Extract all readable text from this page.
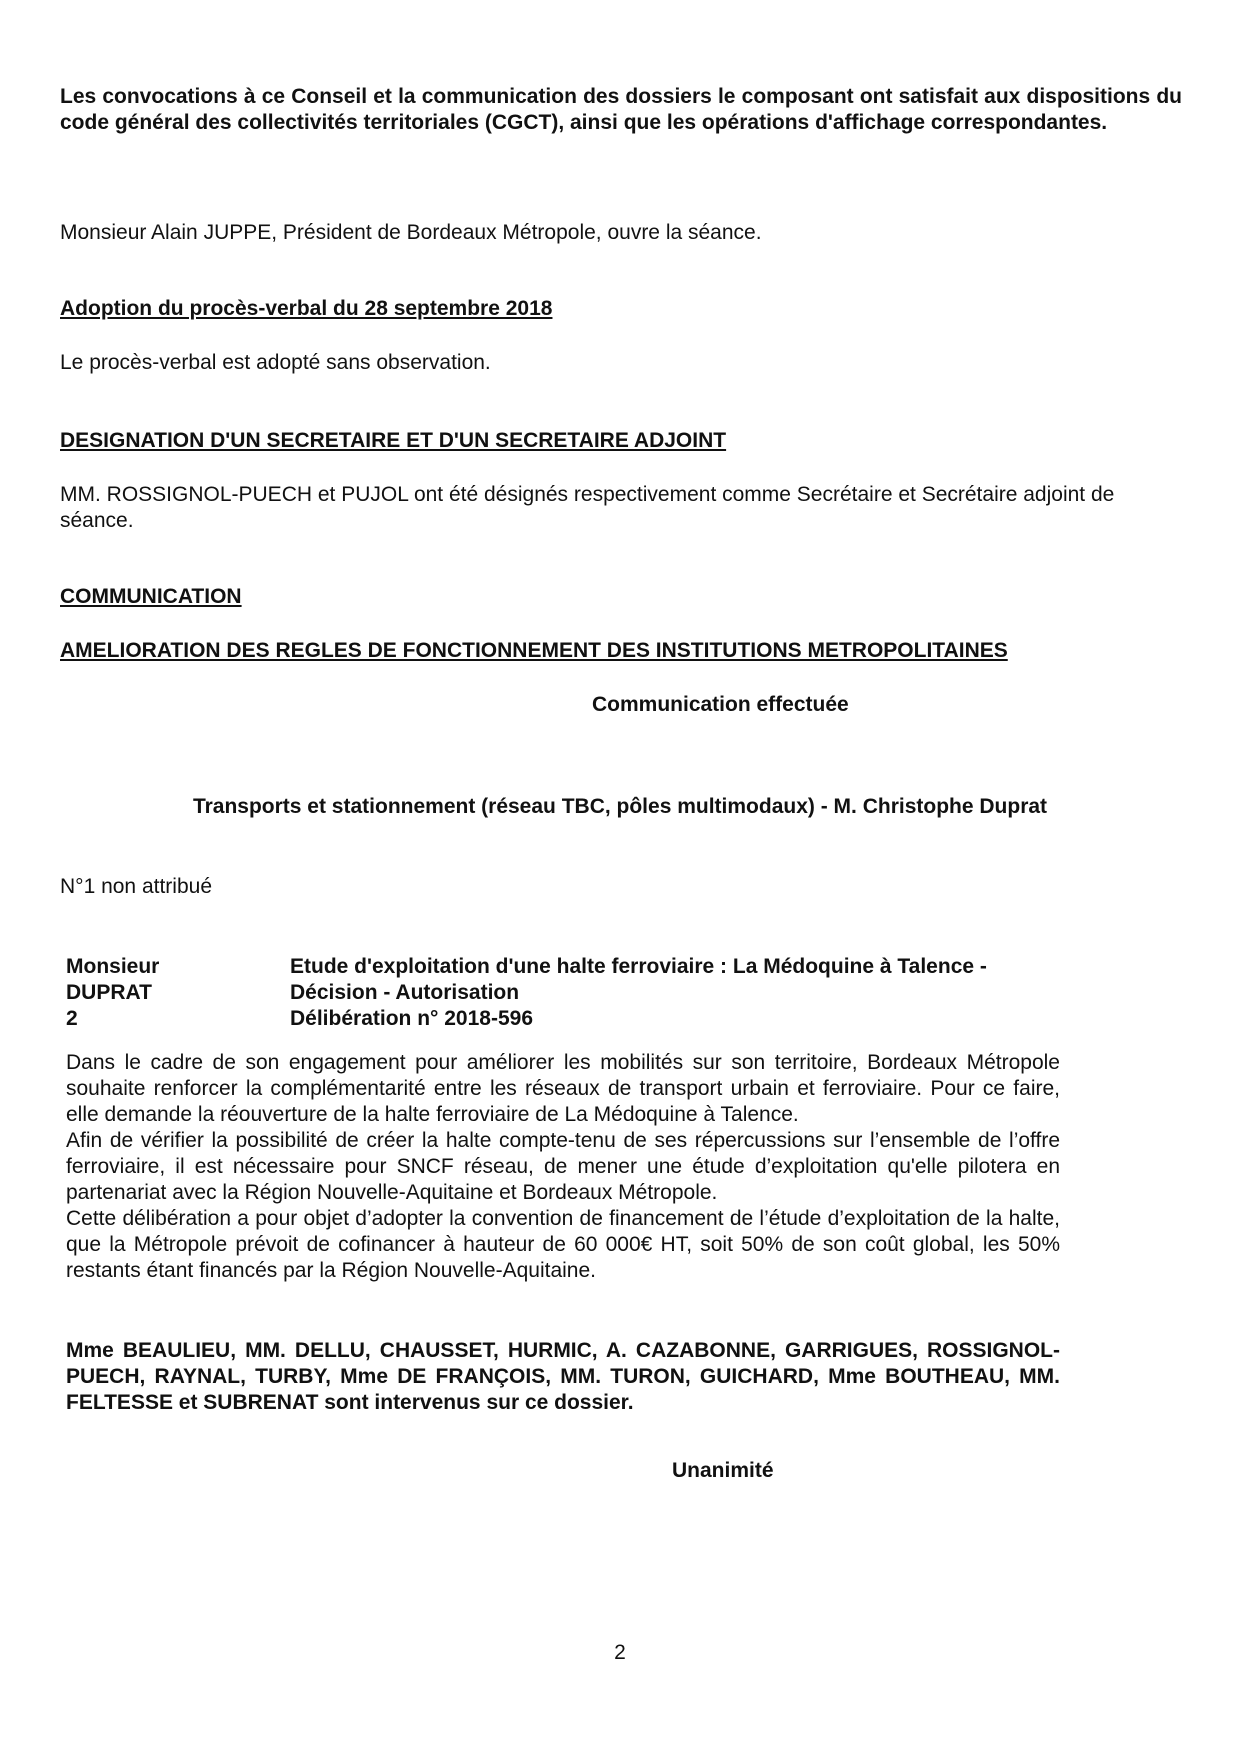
Les convocations à ce Conseil et la communication des dossiers le composant ont satisfait aux dispositions du code général des collectivités territoriales (CGCT), ainsi que les opérations d'affichage correspondantes.

Monsieur Alain JUPPE, Président de Bordeaux Métropole, ouvre la séance.

Adoption du procès-verbal du 28 septembre 2018

Le procès-verbal est adopté sans observation.

DESIGNATION D'UN SECRETAIRE ET D'UN SECRETAIRE ADJOINT

MM. ROSSIGNOL-PUECH et PUJOL ont été désignés respectivement comme Secrétaire et Secrétaire adjoint de séance.

COMMUNICATION

AMELIORATION DES REGLES DE FONCTIONNEMENT DES INSTITUTIONS METROPOLITAINES

Communication effectuée

Transports et stationnement (réseau TBC, pôles multimodaux) - M. Christophe Duprat

N°1 non attribué

Monsieur
DUPRAT
2
Etude d'exploitation d'une halte ferroviaire : La Médoquine à Talence -
Décision - Autorisation
Délibération n° 2018-596

Dans le cadre de son engagement pour améliorer les mobilités sur son territoire, Bordeaux Métropole souhaite renforcer la complémentarité entre les réseaux de transport urbain et ferroviaire. Pour ce faire, elle demande la réouverture de la halte ferroviaire de La Médoquine à Talence.

Afin de vérifier la possibilité de créer la halte compte-tenu de ses répercussions sur l’ensemble de l’offre ferroviaire, il est nécessaire pour SNCF réseau, de mener une étude d’exploitation qu'elle pilotera en partenariat avec la Région Nouvelle-Aquitaine et Bordeaux Métropole.

Cette délibération a pour objet d’adopter la convention de financement de l’étude d’exploitation de la halte, que la Métropole prévoit de cofinancer à hauteur de 60 000€ HT, soit 50% de son coût global, les 50% restants étant financés par la Région Nouvelle-Aquitaine.

Mme BEAULIEU, MM. DELLU, CHAUSSET, HURMIC, A. CAZABONNE, GARRIGUES, ROSSIGNOL-PUECH, RAYNAL, TURBY, Mme DE FRANÇOIS, MM. TURON, GUICHARD, Mme BOUTHEAU, MM. FELTESSE et SUBRENAT sont intervenus sur ce dossier.

Unanimité

2
